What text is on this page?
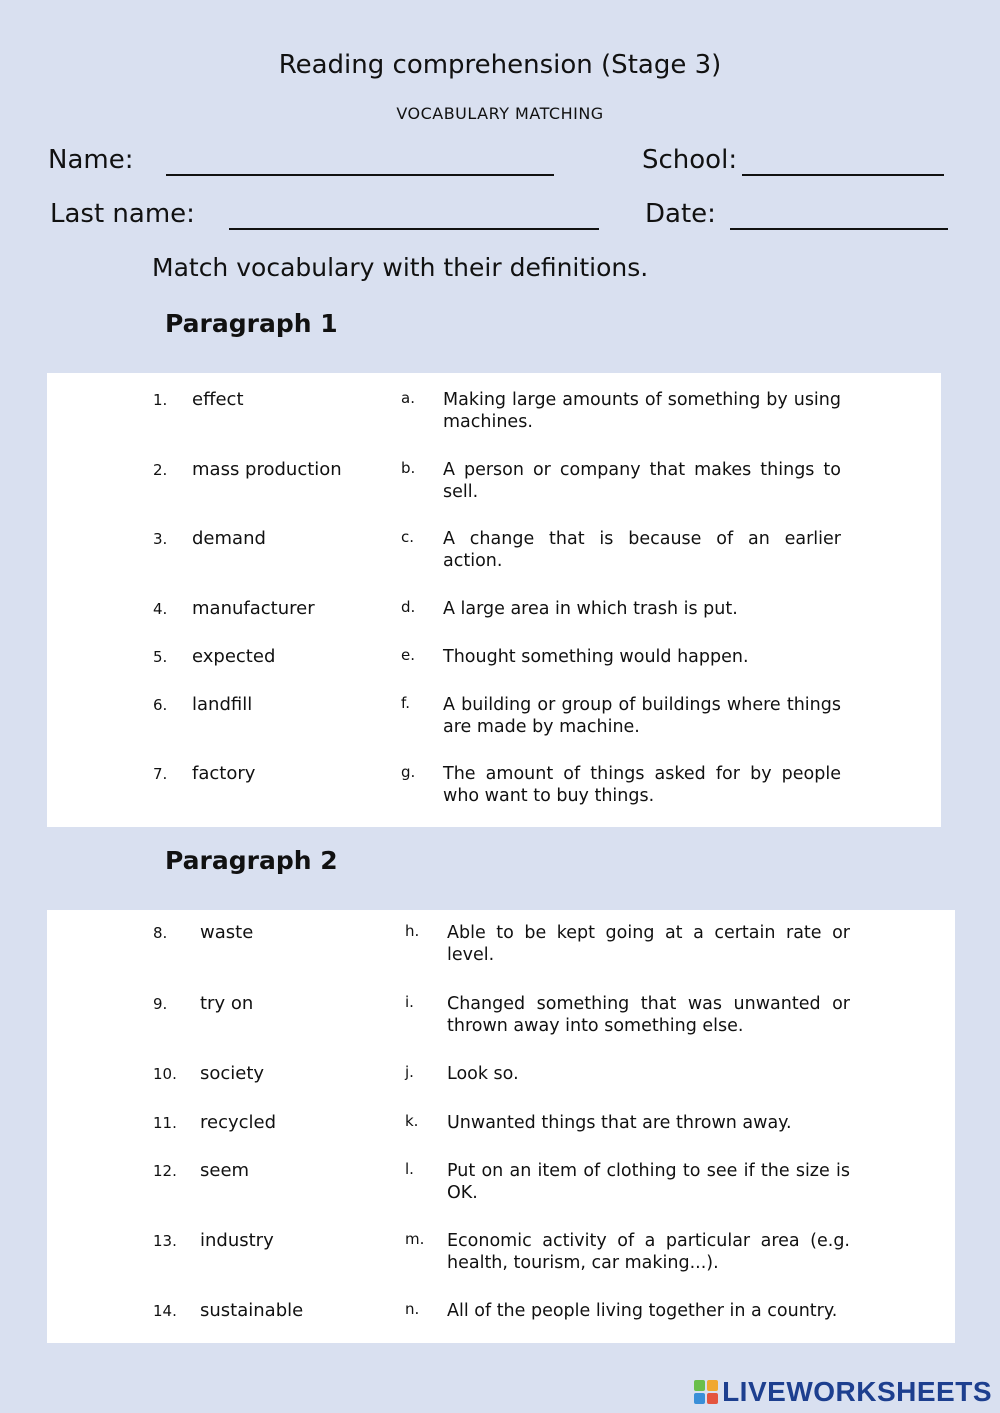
Reading comprehension (Stage 3)
VOCABULARY MATCHING
Name:	School:
Last name:	Date:
Match vocabulary with their definitions.
Paragraph 1
1. effect	a. Making large amounts of something by using machines.
2. mass production	b. A person or company that makes things to sell.
3. demand	c. A change that is because of an earlier action.
4. manufacturer	d. A large area in which trash is put.
5. expected	e. Thought something would happen.
6. landfill	f. A building or group of buildings where things are made by machine.
7. factory	g. The amount of things asked for by people who want to buy things.
Paragraph 2
8. waste	h. Able to be kept going at a certain rate or level.
9. try on	i. Changed something that was unwanted or thrown away into something else.
10. society	j. Look so.
11. recycled	k. Unwanted things that are thrown away.
12. seem	l. Put on an item of clothing to see if the size is OK.
13. industry	m. Economic activity of a particular area (e.g. health, tourism, car making...).
14. sustainable	n. All of the people living together in a country.
LIVEWORKSHEETS
